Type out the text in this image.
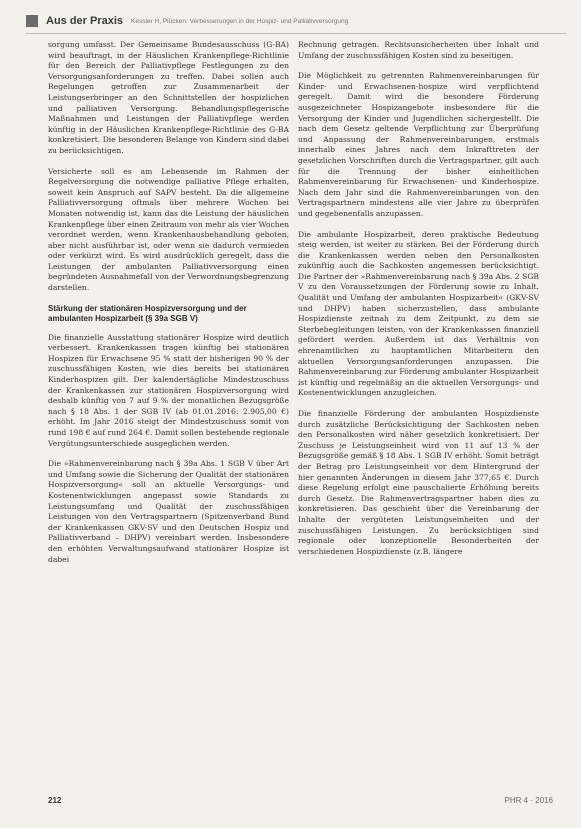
Aus der Praxis Kessler H, Plücken: Verbesserungen in der Hospiz- und Palliativversorgung

sorgung umfasst. Der Gemeinsame Bundesausschuss (G-BA) wird beauftragt, in der Häuslichen Krankenpflege-Richtlinie für den Bereich der Palliativpflege Festlegungen zu den Versorgungsanforderungen zu treffen. Dabei sollen auch Regelungen getroffen zur Zusammenarbeit der Leistungserbringer an den Schnittstellen der hospizlichen und palliativen Versorgung. Behandlungspflegerische Maßnahmen und Leistungen der Palliativpflege werden künftig in der Häuslichen Krankenpflege-Richtlinie des G-BA konkretisiert. Die besonderen Belange von Kindern sind dabei zu berücksichtigen.

Versicherte soll es am Lebensende im Rahmen der Regelversorgung die notwendige palliative Pflege erhalten, soweit kein Anspruch auf SAPV besteht. Da die allgemeine Palliativversorgung oftmals über mehrere Wochen bei Monaten notwendig ist, kann das die Leistung der häuslichen Krankenpflege über einen Zeitraum von mehr als vier Wochen verordnet werden, wenn Krankenhausbehandlung geboten, aber nicht ausführbar ist, oder wenn sie dadurch vermieden oder verkürzt wird. Es wird ausdrücklich geregelt, dass die Leistungen der ambulanten Palliativversorgung einen begründeten Ausnahmefall von der Verwordnungsbegrenzung darstellen.

Stärkung der stationären Hospizversorgung und der ambulanten Hospizarbeit (§ 39a SGB V)

Die finanzielle Ausstattung stationärer Hospize wird deutlich verbessert. Krankenkassen tragen künftig bei stationären Hospizen für Erwachsene 95 % statt der bisherigen 90 % der zuschussfähigen Kosten, wie dies bereits bei stationären Kinderhospizen gilt. Der kalendertägliche Mindestzuschuss der Krankenkassen zur stationären Hospizversorgung wird deshalb künftig von 7 auf 9 % der monatlichen Bezugsgröße nach § 18 Abs. 1 der SGB IV (ab 01.01.2016: 2.905,00 €) erhöht. Im Jahr 2016 steigt der Mindestzuschuss somit von rund 198 € auf rund 264 €. Damit sollen bestehende regionale Vergütungsunterschiede ausgeglichen werden.

Die »Rahmenvereinbarung nach § 39a Abs. 1 SGB V über Art und Umfang sowie die Sicherung der Qualität der stationären Hospizversorgung« soll an aktuelle Versorgungs- und Kostenentwicklungen angepasst sowie Standards zu Leistungsumfang und Qualität der zuschussfähigen Leistungen von den Vertragspartnern (Spitzenverband Bund der Krankenkassen GKV-SV und den Deutschen Hospiz und Palliativverband – DHPV) vereinbart werden. Insbesondere den erhöhten Verwaltungsaufwand stationärer Hospize ist dabei

Rechnung getragen. Rechtsunsicherheiten über Inhalt und Umfang der zuschussfähigen Kosten sind zu beseitigen.

Die Möglichkeit zu getrennten Rahmenvereinbarungen für Kinder- und Erwachsenen-hospize wird verpflichtend geregelt. Damit wird die besondere Förderung ausgezeichneter Hospizangebote insbesondere für die Versorgung der Kinder und Jugendlichen sichergestellt. Die nach dem Gesetz geltende Verpflichtung zur Überprüfung und Anpassung der Rahmenvereinbarungen, erstmals innerhalb eines Jahres nach dem Inkrafttreten der gesetzlichen Vorschriften durch die Vertragspartner, gilt auch für die Trennung der bisher einheitlichen Rahmenvereinbarung für Erwachsenen- und Kinderhospize. Nach dem Jahr sind die Rahmenvereinbarungen von den Vertragspartnern mindestens alle vier Jahre zu überprüfen und gegebenenfalls anzupassen.

Die ambulante Hospizarbeit, deren praktische Bedeutung steig werden, ist weiter zu stärken. Bei der Förderung durch die Krankenkassen werden neben den Personalkosten zukünftig auch die Sachkosten angemessen berücksichtigt. Die Partner der »Rahmenvereinbarung nach § 39a Abs. 2 SGB V zu den Voraussetzungen der Förderung sowie zu Inhalt, Qualität und Umfang der ambulanten Hospizarbeit« (GKV-SV und DHPV) haben sicherzustellen, dass ambulante Hospizdienste zeitnah zu dem Zeitpunkt, zu dem sie Sterbebegleitungen leisten, von der Krankenkassen finanziell gefördert werden. Außerdem ist das Verhältnis von ehrenamtlichen zu hauptamtlichen Mitarbeitern den aktuellen Versorgungsanforderungen anzupassen. Die Rahmenvereinbarung zur Förderung ambulanter Hospizarbeit ist künftig und regelmäßig an die aktuellen Versorgungs- und Kostenentwicklungen anzugleichen.

Die finanzielle Förderung der ambulanten Hospizdienste durch zusätzliche Berücksichtigung der Sachkosten neben den Personalkosten wird näher gesetzlich konkretisiert. Der Zuschuss je Leistungseinheit wird von 11 auf 13 % der Bezugsgröße gemäß § 18 Abs. 1 SGB IV erhöht. Somit beträgt der Betrag pro Leistungseinheit vor dem Hintergrund der hier genannten Änderungen in diesem Jahr 377,65 €. Durch diese Regelung erfolgt eine pauschalierte Erhöhung bereits durch Gesetz. Die Rahmenvertragspartner haben dies zu konkretisieren. Das geschieht über die Vereinbarung der Inhalte der vergüteten Leistungseinheiten und der zuschussfähigen Leistungen. Zu berücksichtigen sind regionale oder konzeptionelle Besonderheiten der verschiedenen Hospizdienste (z.B. längere

212	PHR 4 · 2016
